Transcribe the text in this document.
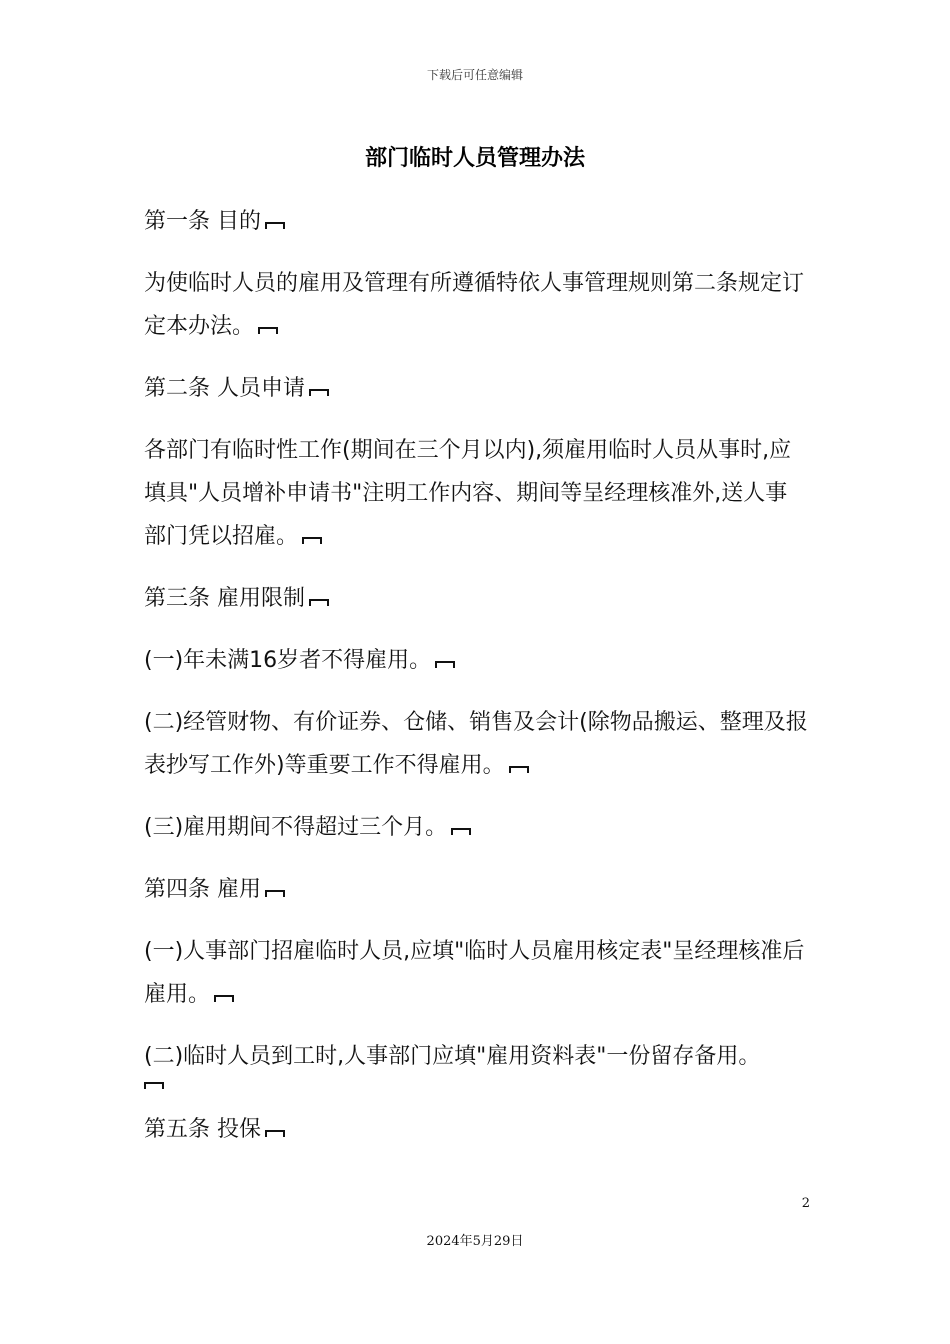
下载后可任意编辑
部门临时人员管理办法

第一条 目的

为使临时人员的雇用及管理有所遵循特依人事管理规则第二条规定订定本办法。

第二条 人员申请

各部门有临时性工作(期间在三个月以内),须雇用临时人员从事时,应填具"人员增补申请书"注明工作内容、期间等呈经理核准外,送人事部门凭以招雇。

第三条 雇用限制

(一)年未满16岁者不得雇用。

(二)经管财物、有价证券、仓储、销售及会计(除物品搬运、整理及报表抄写工作外)等重要工作不得雇用。

(三)雇用期间不得超过三个月。

第四条 雇用

(一)人事部门招雇临时人员,应填"临时人员雇用核定表"呈经理核准后雇用。

(二)临时人员到工时,人事部门应填"雇用资料表"一份留存备用。

第五条 投保

2
2024年5月29日
